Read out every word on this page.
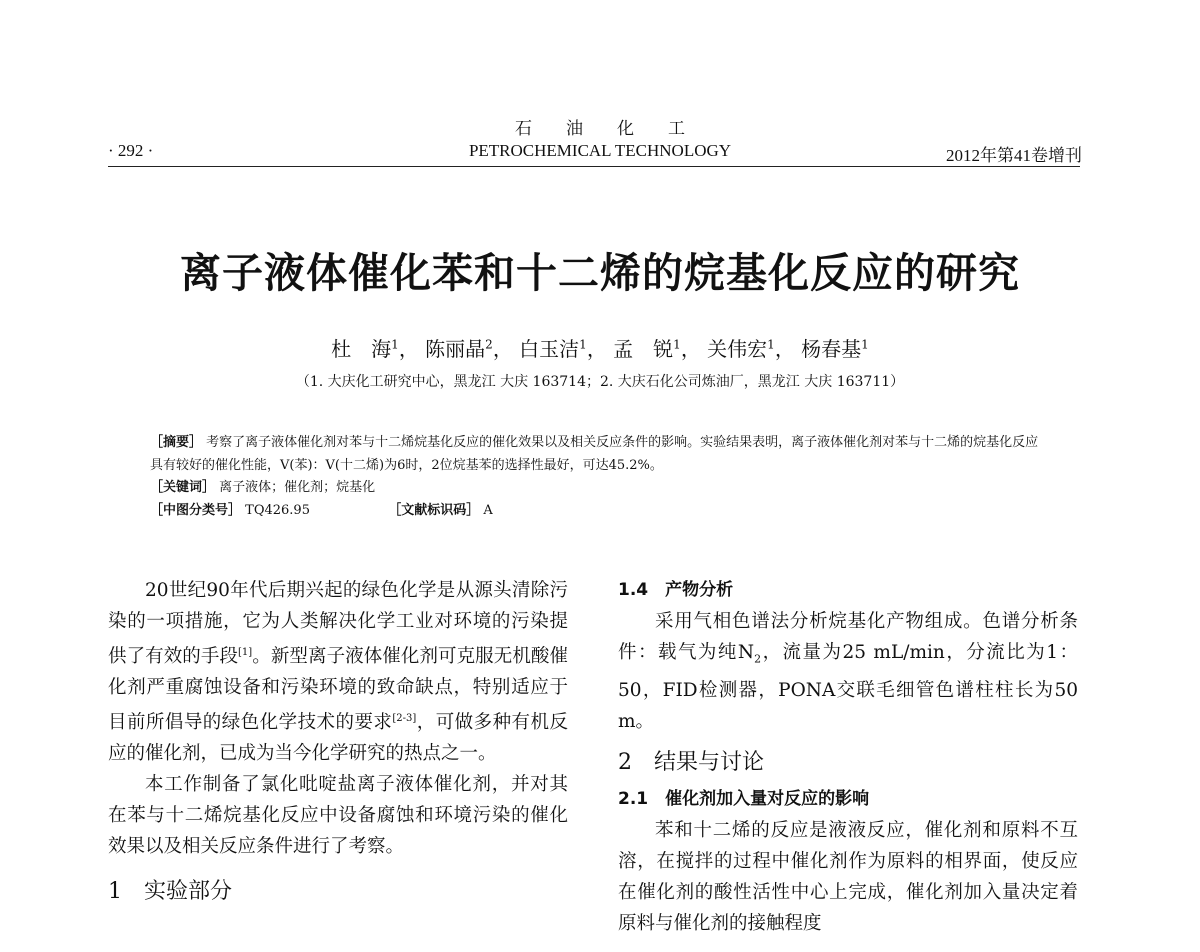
石油化工
· 292 ·	PETROCHEMICAL TECHNOLOGY	2012年第41卷增刊
离子液体催化苯和十二烯的烷基化反应的研究
杜　海$^1$， 陈丽晶$^2$， 白玉洁$^1$， 孟　锐$^1$， 关伟宏$^1$， 杨春基$^1$
（1. 大庆化工研究中心，黑龙江 大庆 163714；2. 大庆石化公司炼油厂，黑龙江 大庆 163711）
［摘要］ 考察了离子液体催化剂对苯与十二烯烷基化反应的催化效果以及相关反应条件的影响。实验结果表明，离子液体催化剂对苯与十二烯的烷基化反应具有较好的催化性能，V(苯)：V(十二烯)为6时，2位烷基苯的选择性最好，可达45.2%。
［关键词］ 离子液体；催化剂；烷基化
［中图分类号］ TQ426.95	［文献标识码］ A

20世纪90年代后期兴起的绿色化学是从源头清除污染的一项措施，它为人类解决化学工业对环境的污染提供了有效的手段[1]。新型离子液体催化剂可克服无机酸催化剂严重腐蚀设备和污染环境的致命缺点，特别适应于目前所倡导的绿色化学技术的要求[2-3]，可做多种有机反应的催化剂，已成为当今化学研究的热点之一。

本工作制备了氯化吡啶盐离子液体催化剂，并对其在苯与十二烯烷基化反应中设备腐蚀和环境污染的催化效果以及相关反应条件进行了考察。

1　实验部分
1.4　产物分析

采用气相色谱法分析烷基化产物组成。色谱分析条件：载气为纯$N_2$，流量为25 mL/min，分流比为1：50，FID检测器，PONA交联毛细管色谱柱柱长为50 m。

2　结果与讨论
2.1　催化剂加入量对反应的影响

苯和十二烯的反应是液液反应，催化剂和原料不互溶，在搅拌的过程中催化剂作为原料的相界面，使反应在催化剂的酸性活性中心上完成，催化剂加入量决定着原料与催化剂的接触程度
